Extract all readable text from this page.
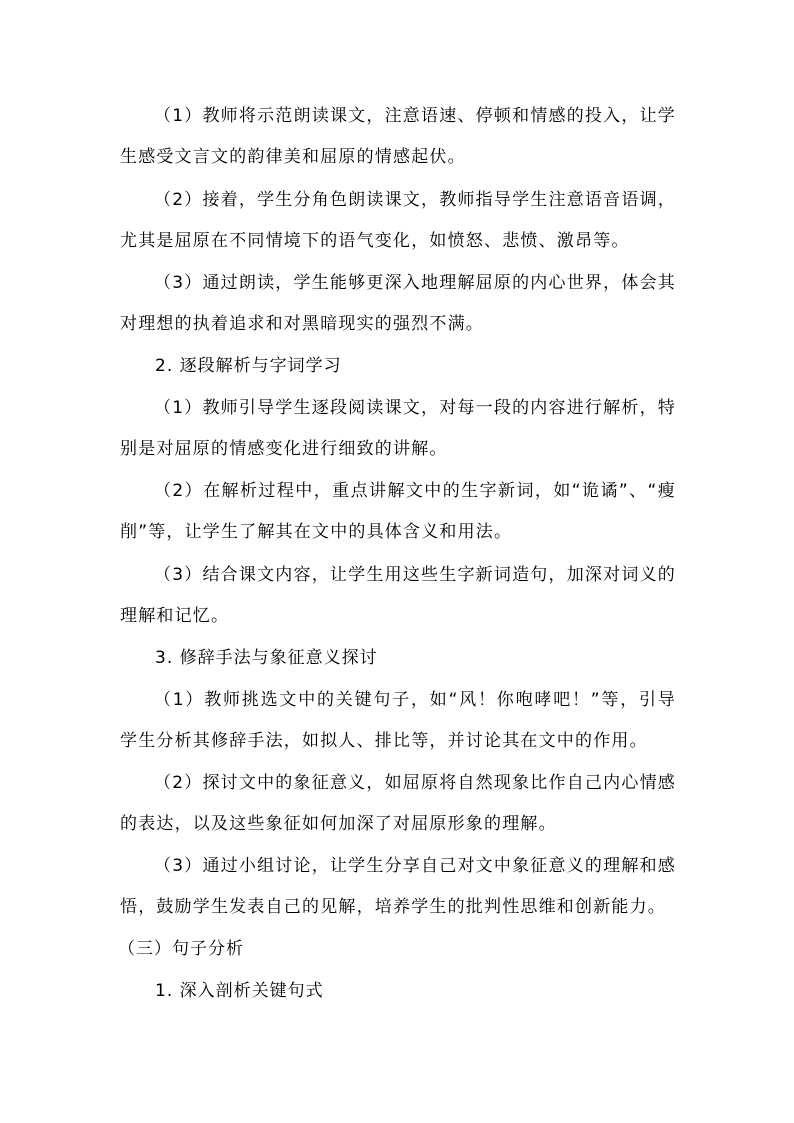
（1）教师将示范朗读课文，注意语速、停顿和情感的投入，让学生感受文言文的韵律美和屈原的情感起伏。

（2）接着，学生分角色朗读课文，教师指导学生注意语音语调，尤其是屈原在不同情境下的语气变化，如愤怒、悲愤、激昂等。

（3）通过朗读，学生能够更深入地理解屈原的内心世界，体会其对理想的执着追求和对黑暗现实的强烈不满。

2. 逐段解析与字词学习

（1）教师引导学生逐段阅读课文，对每一段的内容进行解析，特别是对屈原的情感变化进行细致的讲解。

（2）在解析过程中，重点讲解文中的生字新词，如“诡谲”、“瘦削”等，让学生了解其在文中的具体含义和用法。

（3）结合课文内容，让学生用这些生字新词造句，加深对词义的理解和记忆。

3. 修辞手法与象征意义探讨

（1）教师挑选文中的关键句子，如“风！你咆哮吧！”等，引导学生分析其修辞手法，如拟人、排比等，并讨论其在文中的作用。

（2）探讨文中的象征意义，如屈原将自然现象比作自己内心情感的表达，以及这些象征如何加深了对屈原形象的理解。

（3）通过小组讨论，让学生分享自己对文中象征意义的理解和感悟，鼓励学生发表自己的见解，培养学生的批判性思维和创新能力。

（三）句子分析

1. 深入剖析关键句式
